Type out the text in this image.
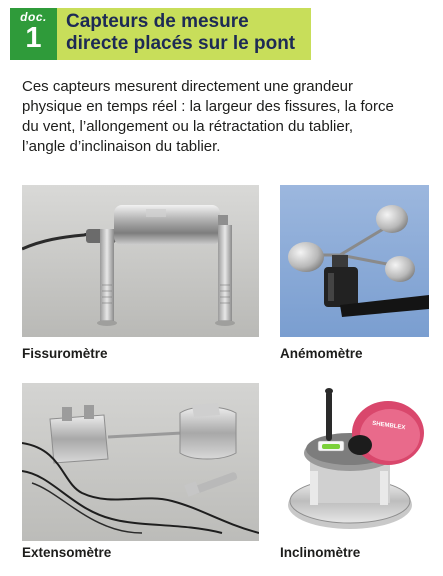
doc.
1
Capteurs de mesure
directe placés sur le pont
Ces capteurs mesurent directement une grandeur
physique en temps réel : la largeur des fissures, la force
du vent, l’allongement ou la rétractation du tablier,
l’angle d’inclinaison du tablier.
Fissuromètre	Anémomètre
Extensomètre
SHEMBLEX
Inclinomètre
